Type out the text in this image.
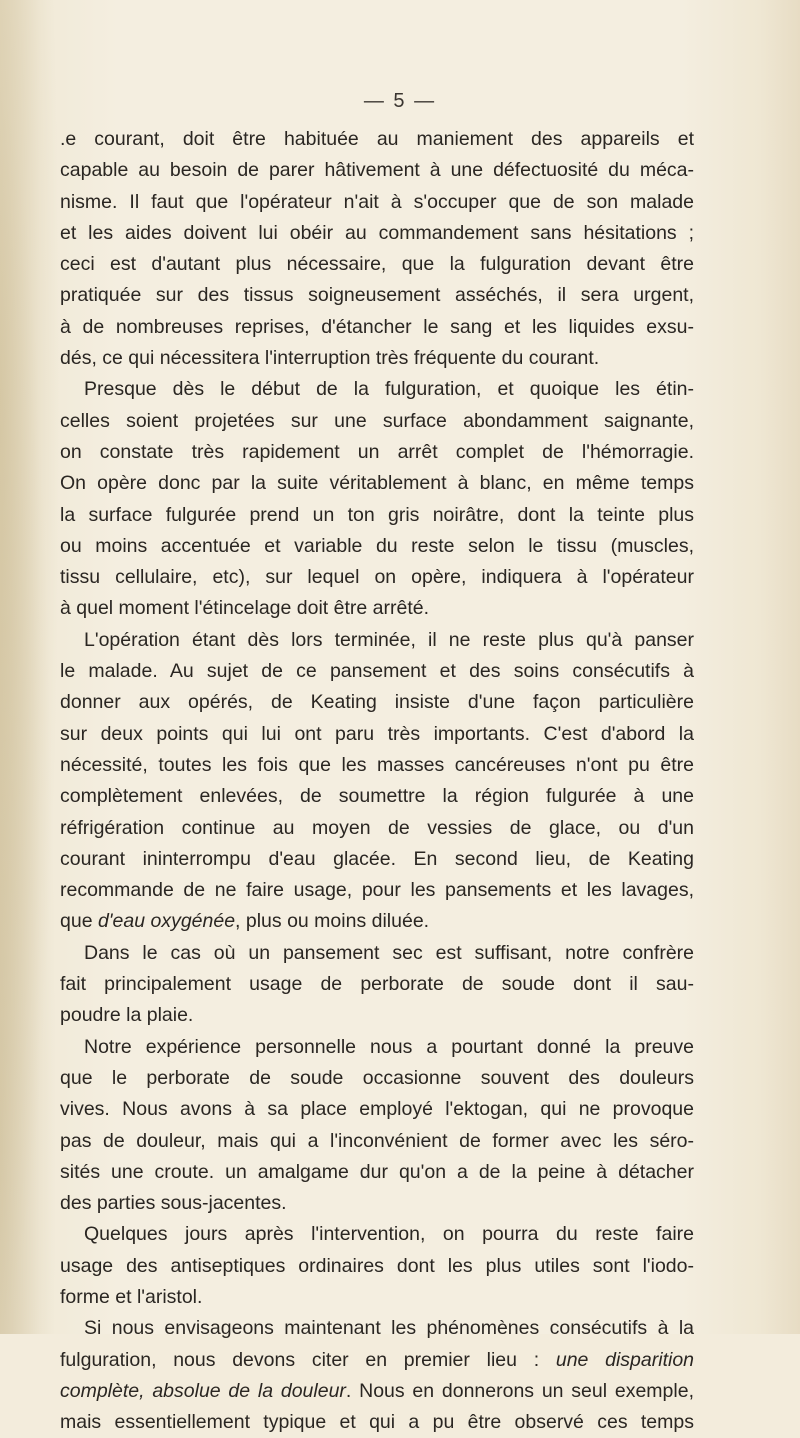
— 5 —
.e courant, doit être habituée au maniement des appareils et
capable au besoin de parer hâtivement à une défectuosité du méca-
nisme. Il faut que l'opérateur n'ait à s'occuper que de son malade
et les aides doivent lui obéir au commandement sans hésitations ;
ceci est d'autant plus nécessaire, que la fulguration devant être
pratiquée sur des tissus soigneusement asséchés, il sera urgent,
à de nombreuses reprises, d'étancher le sang et les liquides exsu-
dés, ce qui nécessitera l'interruption très fréquente du courant.
Presque dès le début de la fulguration, et quoique les étin-
celles soient projetées sur une surface abondamment saignante,
on constate très rapidement un arrêt complet de l'hémorragie.
On opère donc par la suite véritablement à blanc, en même temps
la surface fulgurée prend un ton gris noirâtre, dont la teinte plus
ou moins accentuée et variable du reste selon le tissu (muscles,
tissu cellulaire, etc), sur lequel on opère, indiquera à l'opérateur
à quel moment l'étincelage doit être arrêté.
L'opération étant dès lors terminée, il ne reste plus qu'à panser
le malade. Au sujet de ce pansement et des soins consécutifs à
donner aux opérés, de Keating insiste d'une façon particulière
sur deux points qui lui ont paru très importants. C'est d'abord la
nécessité, toutes les fois que les masses cancéreuses n'ont pu être
complètement enlevées, de soumettre la région fulgurée à une
réfrigération continue au moyen de vessies de glace, ou d'un
courant ininterrompu d'eau glacée. En second lieu, de Keating
recommande de ne faire usage, pour les pansements et les lavages,
que d'eau oxygénée, plus ou moins diluée.
Dans le cas où un pansement sec est suffisant, notre confrère
fait principalement usage de perborate de soude dont il sau-
poudre la plaie.
Notre expérience personnelle nous a pourtant donné la preuve
que le perborate de soude occasionne souvent des douleurs
vives. Nous avons à sa place employé l'ektogan, qui ne provoque
pas de douleur, mais qui a l'inconvénient de former avec les séro-
sités une croute. un amalgame dur qu'on a de la peine à détacher
des parties sous-jacentes.
Quelques jours après l'intervention, on pourra du reste faire
usage des antiseptiques ordinaires dont les plus utiles sont l'iodo-
forme et l'aristol.
Si nous envisageons maintenant les phénomènes consécutifs à la
fulguration, nous devons citer en premier lieu : une disparition
complète, absolue de la douleur. Nous en donnerons un seul exemple,
mais essentiellement typique et qui a pu être observé ces temps
